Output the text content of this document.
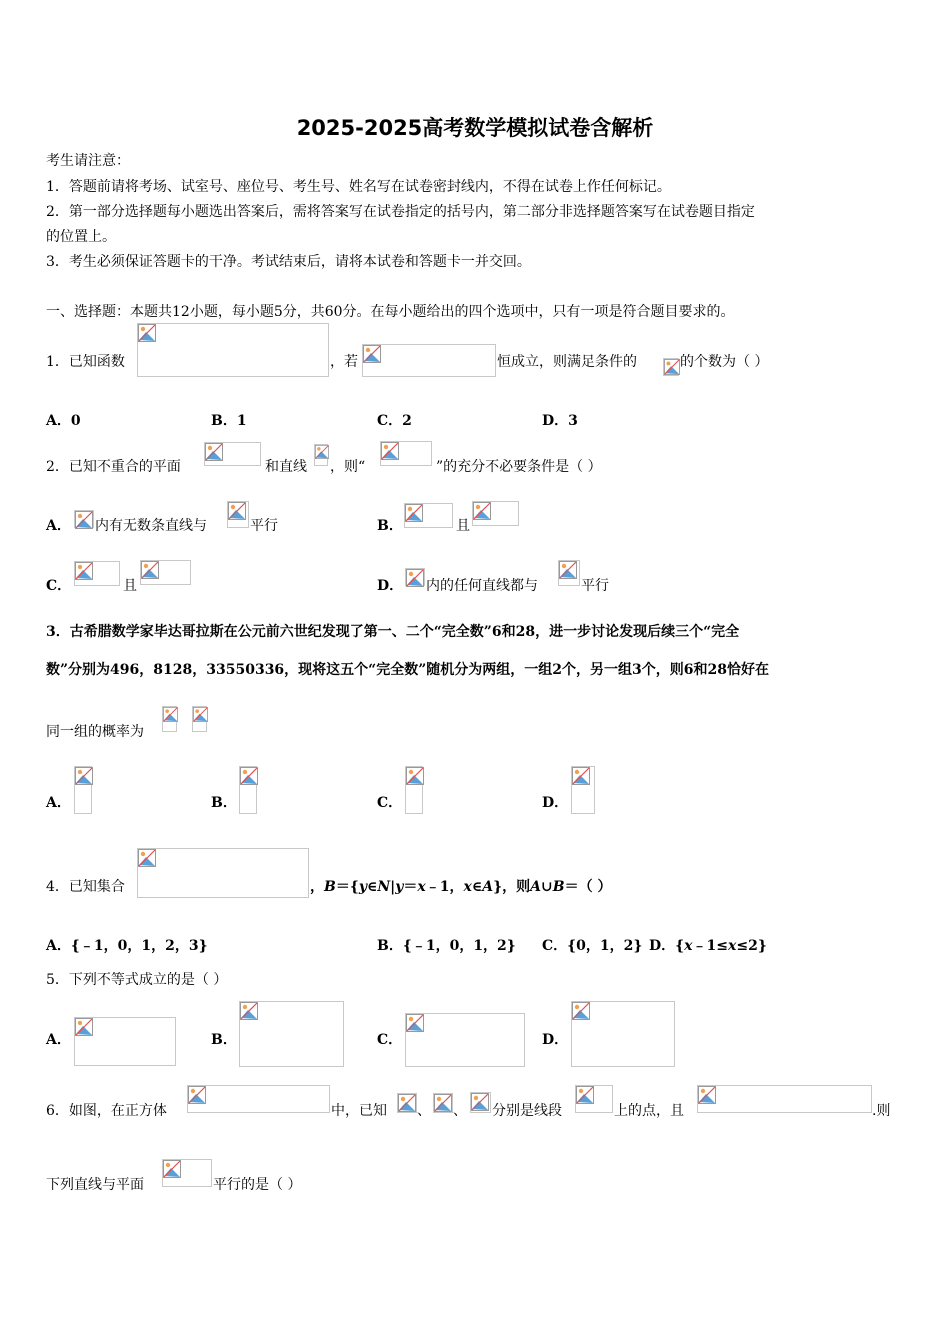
2025-2025高考数学模拟试卷含解析
考生请注意：
1．答题前请将考场、试室号、座位号、考生号、姓名写在试卷密封线内，不得在试卷上作任何标记。
2．第一部分选择题每小题选出答案后，需将答案写在试卷指定的括号内，第二部分非选择题答案写在试卷题目指定
的位置上。
3．考生必须保证答题卡的干净。考试结束后，请将本试卷和答题卡一并交回。
一、选择题：本题共12小题，每小题5分，共60分。在每小题给出的四个选项中，只有一项是符合题目要求的。
1．已知函数	，若	恒成立，则满足条件的	的个数为（ ）
A．0	B．1	C．2	D．3
2．已知不重合的平面	和直线 ，则“	”的充分不必要条件是（ ）
A． 内有无数条直线与	平行	B．	且
C．	且	D． 内的任何直线都与	平行
3．古希腊数学家毕达哥拉斯在公元前六世纪发现了第一、二个“完全数”6和28，进一步讨论发现后续三个“完全
数”分别为496，8128，33550336，现将这五个“完全数”随机分为两组，一组2个，另一组3个，则6和28恰好在
同一组的概率为
A．	B．	C．	D．
4．已知集合	，B＝{y∈N|y＝x﹣1，x∈A}，则A∪B＝（ ）
A．{﹣1，0，1，2，3}	B．{﹣1，0，1，2} C．{0，1，2} D．{x﹣1≤x≤2}
5．下列不等式成立的是（ ）
A．	B．	C．	D．
6．如图，在正方体	中，已知 、 、 分别是线段	上的点，且	.则
下列直线与平面	平行的是（ ）
